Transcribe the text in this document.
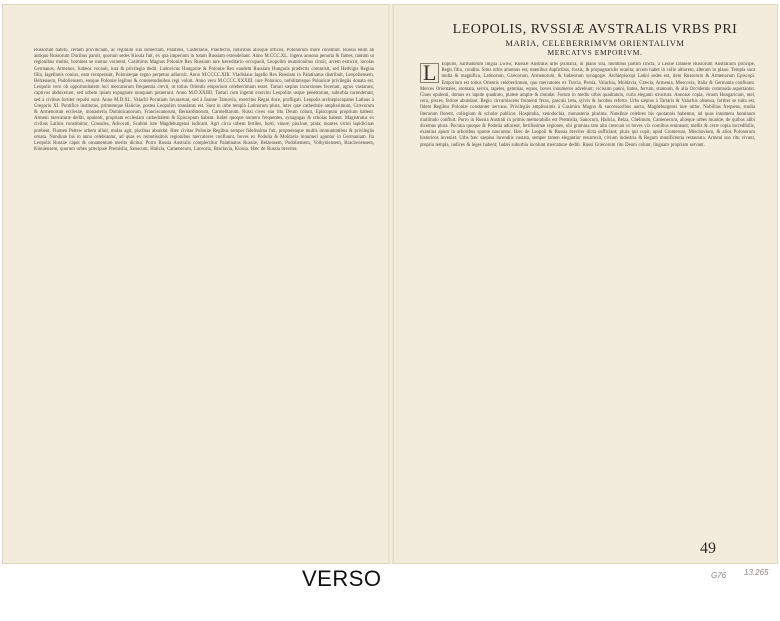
Russorum habitu, certam provinciam, ac regimini suo subiectam, Palatinis, Castellanis, Praefectis, Iudicibus aliisque officiis, Polonorum more constituit. Russia enim ab antiquo Russorum Ducibus paruit, quorum sedes Kiouia fuit, ex qua imperium in totam Russiam extendebant. Anno M.CCC.XL. ingens annona penuria & fames, tantum ut regionibus multis, homines se mutuo vorarent. Casimirus Magnus Poloniæ Rex Russiam iure hæreditario occupauit, Leopolim munitionibus cinxit, arcem extruxit, incolas Germanos, Armenos, Iudæos vocauit, iura & privilegia dedit. Ludovicus Hungariæ & Poloniæ Rex eandem Russiam Hungaris præfectis commisit, sed Hedvigis Regina filia, Iagellonis coniux, eam recuperauit, Poloniæque regno perpetuo adiunxit. Anno M.CCCC.XIII. Vladislaus Iagello Rex Russiam in Palatinatus distribuit, Leopoliensem, Belzensem, Podoliensem, eosque Poloniæ legibus & consuetudinibus regi voluit. Anno vero M.CCCC.XXXIII. iure Polonico, nobilitatisque Polonicæ privilegiis donata est. Leopolis vero ob opportunitatem loci mercatorum frequentia crevit, ut totius Orientis emporium celeberrimum esset. Tartari sæpius incursiones fecerunt, agros vastarunt, captivos abduxerunt, sed urbem ipsam expugnare nunquam potuerunt. Anno M.D.XXIIII. Tartari cum ingenti exercitu Leopolim usque penetrarunt, suburbia incenderunt, sed à civibus fortiter repulsi sunt. Anno M.D.XL. Valachi Pocutiam invaserunt, sed à Ioanne Tarnovio, exercitus Regni duce, profligati. Leopolis archiepiscopatus Latinus à Gregorio XI. Pontifice institutus, primumque Haliciæ, postea Leopolim translatus est. Sunt in urbe templa Latinorum plura, inter quæ cathedrale amplissimum, Græcorum & Armenorum ecclesiæ, monasteria Dominicanorum, Franciscanorum, Bernardinorum, Carmelitarum. Russi cives suo ritu Deum colunt, Episcopum proprium habent. Armeni mercaturæ dediti, opulenti, propriam ecclesiam cathedralem & Episcopum habent. Iudæi quoque numero frequentes, synagogas & scholas habent. Magistratus ex civibus Latinis constituitur, Consules, Advocati, Scabini iure Magdeburgensi iudicant. Agri circa urbem fertiles, horti, vineæ, piscinæ, prata; montes vicini lapidicinas præbent. Flumen Peltew urbem alluit, molas agit, piscibus abundat. Hæc civitas Poloniæ Regibus semper fidelissima fuit, proptereaque multis immunitatibus & privilegiis ornata. Nundinæ bis in anno celebrantur, ad quas ex remotissimis regionibus mercatores confluunt, boves ex Podolia & Moldavia innumeri aguntur in Germaniam. Ita Leopolis Russiæ caput & ornamentum merito dicitur. Porro Russia Australis complectitur Palatinatus Russiæ, Belzensem, Podoliensem, Volhyniensem, Braclaviensem, Kiouiensem, quorum urbes præcipuæ Premislia, Sanocum, Halicia, Camenecum, Luceoria, Braclavia, Kiouia. Hæc de Russia breviter.
LEOPOLIS, RVSSIÆ AVSTRALIS VRBS PRI
MARIA, CELEBERRIMVM ORIENTALIVM
MERCATVS EMPORIVM.
L	Eopolis, Sarmatorum lingua Lwow, Russiæ Australis urbs primaria, in plano sita, montibus partim cincta, à Leone Daniele Russorum Australium principe, Regis filio, condita. Situs urbis amœnus est, mœnibus duplicibus, fossis, & propugnaculis munita; arcem habet in colle altiorem, alteram in plano. Templa sunt multa & magnifica, Latinorum, Græcorum, Armenorum, & Iudæorum synagogæ. Archiepiscopi Latini sedes est, item Russorum & Armenorum Episcopi. Emporium est totius Orientis celeberrimum, quo mercatores ex Turcia, Persia, Valachia, Moldavia, Græcia, Armenia, Moscovia, Italia & Germania confluunt. Merces Orientales, aromata, serica, tapetes, gemmas, equos, boves innumeros advehunt; vicissim panni, lintea, ferrum, stannum, & alia Occidentis commoda asportantur. Ciues opulenti, domus ex lapide quadrato, plateæ amplæ & mundæ. Forum in medio urbis quadratum, curia eleganti structura. Annonæ copia, vinum Hungaricum, mel, cera, pisces, ferinæ abundant. Regio circumiacens frumenti ferax, pascuis læta, sylvis & lacubus referta. Urbs sæpius à Tartaris & Valachis obsessa, fortiter se tuita est, fidem Regibus Poloniæ constanter servans. Privilegiis amplissimis à Casimiro Magno & successoribus aucta, Magdeburgensi iure utitur. Nobilitas frequens, studia literarum florent, collegium & scholæ publicæ. Hospitalia, xenodochia, monasteria plurima. Nundinæ celebres bis quotannis habentur, ad quas innumera hominum multitudo confluit. Porro in Russia Australi in primis memorabilis est Premislia, Sanocum, Halicia, Belza, Chelmum, Camenecum, aliæque urbes munitæ, de quibus alibi dicemus plura. Pocutia quoque & Podolia adiacent, fertilissimæ regiones, ubi gramina tam alta crescunt ut boves vix cornibus emineant; mellis & ceræ copia incredibilis, examina apum in arboribus sponte nascuntur. Hæc de Leopoli & Russia breviter dicta sufficiant; plura qui cupit, apud Cromerum, Miechovium, & alios Polonorum historicos inveniet. Urbs hæc saepius incendiis vastata, semper tamen elegantior resurrexit, civium industria & Regum munificentia restaurata. Armeni suo ritu vivunt, propria templa, iudices & leges habent; Iudæi suburbia incolunt mercaturæ dediti. Russi Græcorum ritu Deum colunt, linguam propriam servant.
49
VERSO	G76 13.265
